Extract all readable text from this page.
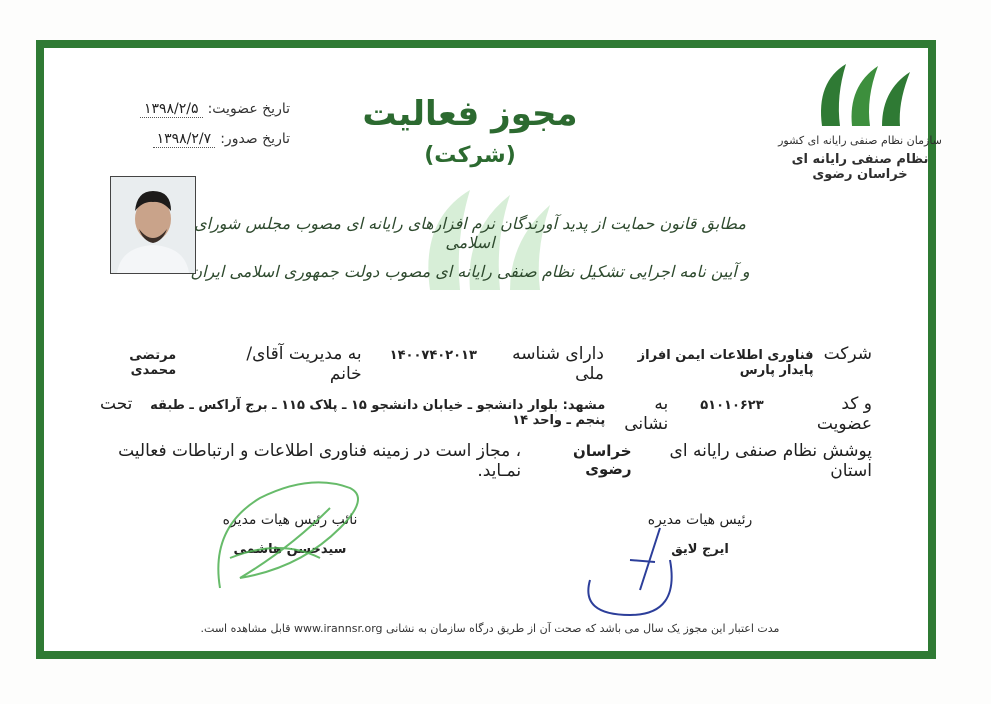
سازمان نظام صنفی رایانه ای کشور
نظام صنفی رایانه ای خراسان رضوی
مجوز فعالیت
(شرکت)
تاریخ عضویت: ۱۳۹۸/۲/۵
تاریخ صدور: ۱۳۹۸/۲/۷
مطابق قانون حمایت از پدید آورندگان نرم افزارهای رایانه ای مصوب مجلس شورای اسلامی
و آیین نامه اجرایی تشکیل نظام صنفی رایانه ای مصوب دولت جمهوری اسلامی ایران
شرکت
فناوری اطلاعات ایمن افراز پایدار پارس
دارای شناسه ملی
۱۴۰۰۷۴۰۲۰۱۳
به مدیریت آقای/خانم
مرتضی محمدی
و کد عضویت
۵۱۰۱۰۶۲۳
به نشانی
مشهد: بلوار دانشجو ـ خیابان دانشجو ۱۵ ـ پلاک ۱۱۵ ـ برج آراکس ـ طبقه پنجم ـ واحد ۱۴
تحت
پوشش نظام صنفی رایانه ای استان
خراسان رضوی
، مجاز است در زمینه فناوری اطلاعات و ارتباطات فعالیت نمـاید.
رئیس هیات مدیره
ایرج لایق
نائب رئیس هیات مدیره
سیدحسن هاشمی
مدت اعتبار این مجوز یک سال می باشد که صحت آن از طریق درگاه سازمان به نشانی www.irannsr.org قابل مشاهده است.
